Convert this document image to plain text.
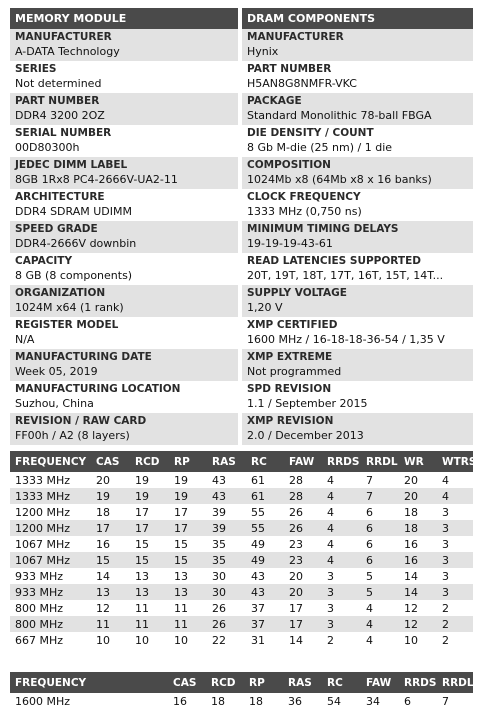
MEMORY MODULE
MANUFACTURER
A-DATA Technology
SERIES
Not determined
PART NUMBER
DDR4 3200 2OZ
SERIAL NUMBER
00D80300h
JEDEC DIMM LABEL
8GB 1Rx8 PC4-2666V-UA2-11
ARCHITECTURE
DDR4 SDRAM UDIMM
SPEED GRADE
DDR4-2666V downbin
CAPACITY
8 GB (8 components)
ORGANIZATION
1024M x64 (1 rank)
REGISTER MODEL
N/A
MANUFACTURING DATE
Week 05, 2019
MANUFACTURING LOCATION
Suzhou, China
REVISION / RAW CARD
FF00h / A2 (8 layers)
DRAM COMPONENTS
MANUFACTURER
Hynix
PART NUMBER
H5AN8G8NMFR-VKC
PACKAGE
Standard Monolithic 78-ball FBGA
DIE DENSITY / COUNT
8 Gb M-die (25 nm) / 1 die
COMPOSITION
1024Mb x8 (64Mb x8 x 16 banks)
CLOCK FREQUENCY
1333 MHz (0,750 ns)
MINIMUM TIMING DELAYS
19-19-19-43-61
READ LATENCIES SUPPORTED
20T, 19T, 18T, 17T, 16T, 15T, 14T...
SUPPLY VOLTAGE
1,20 V
XMP CERTIFIED
1600 MHz / 16-18-18-36-54 / 1,35 V
XMP EXTREME
Not programmed
SPD REVISION
1.1 / September 2015
XMP REVISION
2.0 / December 2013
FREQUENCY	CAS	RCD	RP	RAS	RC	FAW	RRDS	RRDL	WR	WTRS
1333 MHz	20	19	19	43	61	28	4	7	20	4
1333 MHz	19	19	19	43	61	28	4	7	20	4
1200 MHz	18	17	17	39	55	26	4	6	18	3
1200 MHz	17	17	17	39	55	26	4	6	18	3
1067 MHz	16	15	15	35	49	23	4	6	16	3
1067 MHz	15	15	15	35	49	23	4	6	16	3
933 MHz	14	13	13	30	43	20	3	5	14	3
933 MHz	13	13	13	30	43	20	3	5	14	3
800 MHz	12	11	11	26	37	17	3	4	12	2
800 MHz	11	11	11	26	37	17	3	4	12	2
667 MHz	10	10	10	22	31	14	2	4	10	2
FREQUENCY	CAS	RCD	RP	RAS	RC	FAW	RRDS	RRDL
1600 MHz	16	18	18	36	54	34	6	7
